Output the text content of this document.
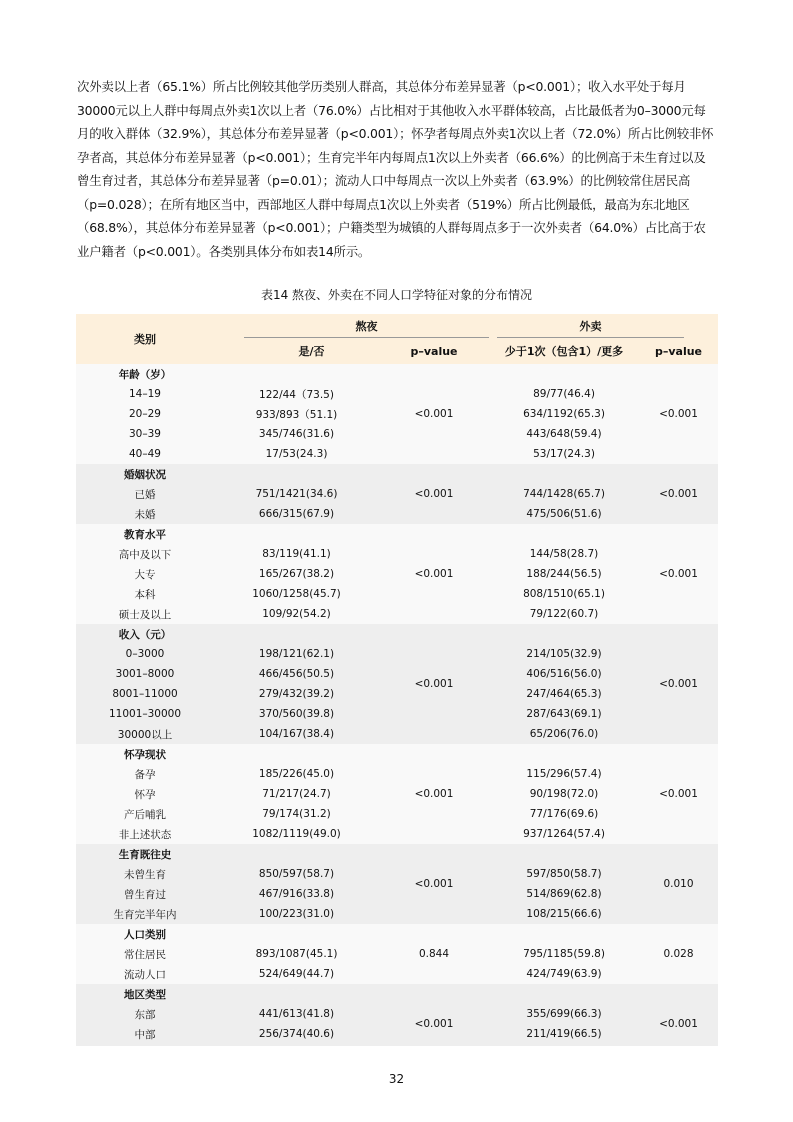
次外卖以上者（65.1%）所占比例较其他学历类别人群高，其总体分布差异显著（p<0.001）；收入水平处于每月30000元以上人群中每周点外卖1次以上者（76.0%）占比相对于其他收入水平群体较高，占比最低者为0–3000元每月的收入群体（32.9%），其总体分布差异显著（p<0.001）；怀孕者每周点外卖1次以上者（72.0%）所占比例较非怀孕者高，其总体分布差异显著（p<0.001）；生育完半年内每周点1次以上外卖者（66.6%）的比例高于未生育过以及曾生育过者，其总体分布差异显著（p=0.01）；流动人口中每周点一次以上外卖者（63.9%）的比例较常住居民高（p=0.028）；在所有地区当中，西部地区人群中每周点1次以上外卖者（519%）所占比例最低，最高为东北地区（68.8%），其总体分布差异显著（p<0.001）；户籍类型为城镇的人群每周点多于一次外卖者（64.0%）占比高于农业户籍者（p<0.001）。各类别具体分布如表14所示。

表14 熬夜、外卖在不同人口学特征对象的分布情况
类别	熬夜		外卖	

	是/否	p–value	少于1次（包含1）/更多	p–value
年龄（岁）		<0.001		<0.001
14–19	122/44（73.5)		89/77(46.4)	
20–29	933/893（51.1)		634/1192(65.3)	
30–39	345/746(31.6)		443/648(59.4)	
40–49	17/53(24.3)		53/17(24.3)	
婚姻状况		<0.001		<0.001
已婚	751/1421(34.6)		744/1428(65.7)	
未婚	666/315(67.9)		475/506(51.6)	
教育水平		<0.001		<0.001
高中及以下	83/119(41.1)		144/58(28.7)	
大专	165/267(38.2)		188/244(56.5)	
本科	1060/1258(45.7)		808/1510(65.1)	
硕士及以上	109/92(54.2)		79/122(60.7)	
收入（元）		<0.001		<0.001
0–3000	198/121(62.1)		214/105(32.9)	
3001–8000	466/456(50.5)		406/516(56.0)	
8001–11000	279/432(39.2)		247/464(65.3)	
11001–30000	370/560(39.8)		287/643(69.1)	
30000以上	104/167(38.4)		65/206(76.0)	
怀孕现状		<0.001		<0.001
备孕	185/226(45.0)		115/296(57.4)	
怀孕	71/217(24.7)		90/198(72.0)	
产后哺乳	79/174(31.2)		77/176(69.6)	
非上述状态	1082/1119(49.0)		937/1264(57.4)	
生育既往史		<0.001		0.010
未曾生育	850/597(58.7)		597/850(58.7)	
曾生育过	467/916(33.8)		514/869(62.8)	
生育完半年内	100/223(31.0)		108/215(66.6)	
人口类别		0.844		0.028
常住居民	893/1087(45.1)		795/1185(59.8)	
流动人口	524/649(44.7)		424/749(63.9)	
地区类型		<0.001		<0.001
东部	441/613(41.8)		355/699(66.3)	
中部	256/374(40.6)		211/419(66.5)	

32
